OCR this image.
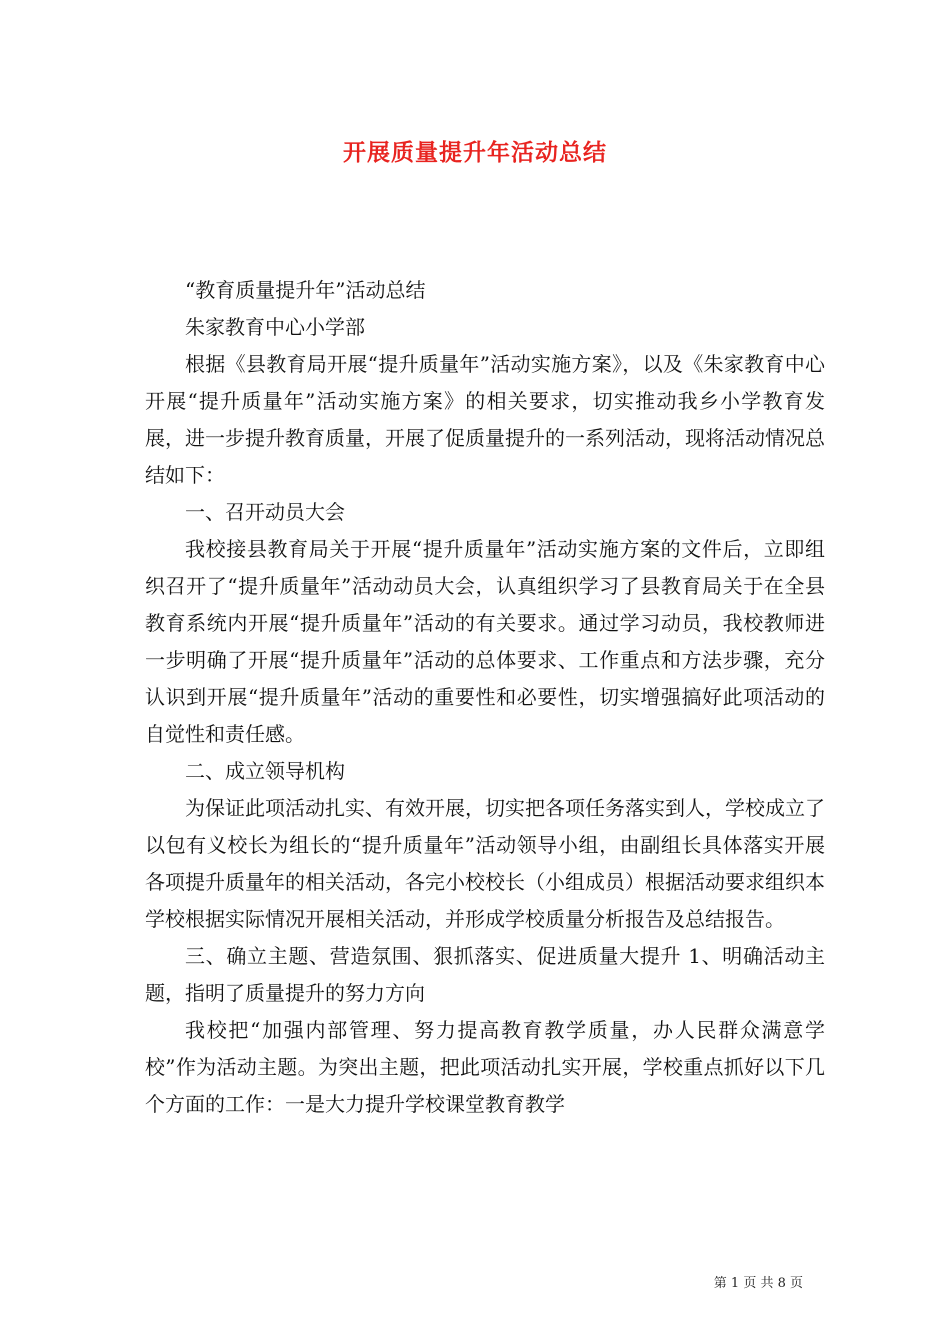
开展质量提升年活动总结

“教育质量提升年”活动总结

朱家教育中心小学部

根据《县教育局开展“提升质量年”活动实施方案》，以及《朱家教育中心开展“提升质量年”活动实施方案》的相关要求，切实推动我乡小学教育发展，进一步提升教育质量，开展了促质量提升的一系列活动，现将活动情况总结如下：

一、召开动员大会

我校接县教育局关于开展“提升质量年”活动实施方案的文件后，立即组织召开了“提升质量年”活动动员大会，认真组织学习了县教育局关于在全县教育系统内开展“提升质量年”活动的有关要求。通过学习动员，我校教师进一步明确了开展“提升质量年”活动的总体要求、工作重点和方法步骤，充分认识到开展“提升质量年”活动的重要性和必要性，切实增强搞好此项活动的自觉性和责任感。

二、成立领导机构

为保证此项活动扎实、有效开展，切实把各项任务落实到人，学校成立了以包有义校长为组长的“提升质量年”活动领导小组，由副组长具体落实开展各项提升质量年的相关活动，各完小校校长（小组成员）根据活动要求组织本学校根据实际情况开展相关活动，并形成学校质量分析报告及总结报告。

三、确立主题、营造氛围、狠抓落实、促进质量大提升 1、明确活动主题，指明了质量提升的努力方向

我校把“加强内部管理、努力提高教育教学质量，办人民群众满意学校”作为活动主题。为突出主题，把此项活动扎实开展，学校重点抓好以下几个方面的工作：一是大力提升学校课堂教育教学

第 1 页 共 8 页
